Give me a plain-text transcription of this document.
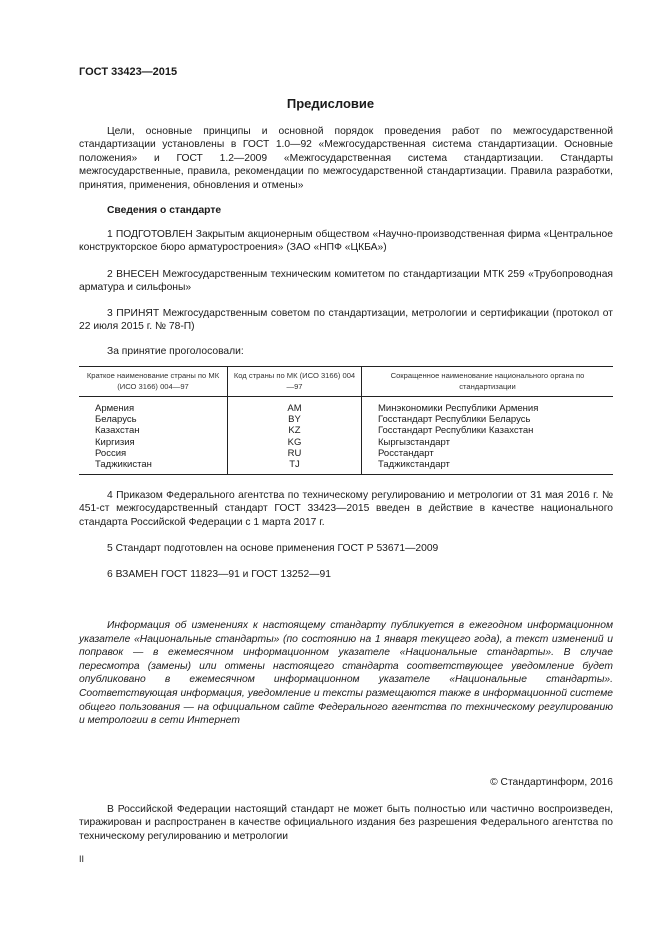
ГОСТ 33423—2015
Предисловие

Цели, основные принципы и основной порядок проведения работ по межгосударственной стандартизации установлены в ГОСТ 1.0—92 «Межгосударственная система стандартизации. Основные положения» и ГОСТ 1.2—2009 «Межгосударственная система стандартизации. Стандарты межгосударственные, правила, рекомендации по межгосударственной стандартизации. Правила разработки, принятия, применения, обновления и отмены»

Сведения о стандарте

1 ПОДГОТОВЛЕН Закрытым акционерным обществом «Научно-производственная фирма «Центральное конструкторское бюро арматуростроения» (ЗАО «НПФ «ЦКБА»)

2 ВНЕСЕН Межгосударственным техническим комитетом по стандартизации МТК 259 «Трубопроводная арматура и сильфоны»

3 ПРИНЯТ Межгосударственным советом по стандартизации, метрологии и сертификации (протокол от 22 июля 2015 г. № 78-П)

За принятие проголосовали:
Краткое наименование страны по МК (ИСО 3166) 004—97	Код страны по МК (ИСО 3166) 004—97	Сокращенное наименование национального органа по стандартизации
Армения	AM	Минэкономики Республики Армения
Беларусь	BY	Госстандарт Республики Беларусь
Казахстан	KZ	Госстандарт Республики Казахстан
Киргизия	KG	Кыргызстандарт
Россия	RU	Росстандарт
Таджикистан	TJ	Таджикстандарт

4 Приказом Федерального агентства по техническому регулированию и метрологии от 31 мая 2016 г. № 451-ст межгосударственный стандарт ГОСТ 33423—2015 введен в действие в качестве национального стандарта Российской Федерации с 1 марта 2017 г.

5 Стандарт подготовлен на основе применения ГОСТ Р 53671—2009

6 ВЗАМЕН ГОСТ 11823—91 и ГОСТ 13252—91

Информация об изменениях к настоящему стандарту публикуется в ежегодном информационном указателе «Национальные стандарты» (по состоянию на 1 января текущего года), а текст изменений и поправок — в ежемесячном информационном указателе «Национальные стандарты». В случае пересмотра (замены) или отмены настоящего стандарта соответствующее уведомление будет опубликовано в ежемесячном информационном указателе «Национальные стандарты». Соответствующая информация, уведомление и тексты размещаются также в информационной системе общего пользования — на официальном сайте Федерального агентства по техническому регулированию и метрологии в сети Интернет

© Стандартинформ, 2016

В Российской Федерации настоящий стандарт не может быть полностью или частично воспроизведен, тиражирован и распространен в качестве официального издания без разрешения Федерального агентства по техническому регулированию и метрологии

II
